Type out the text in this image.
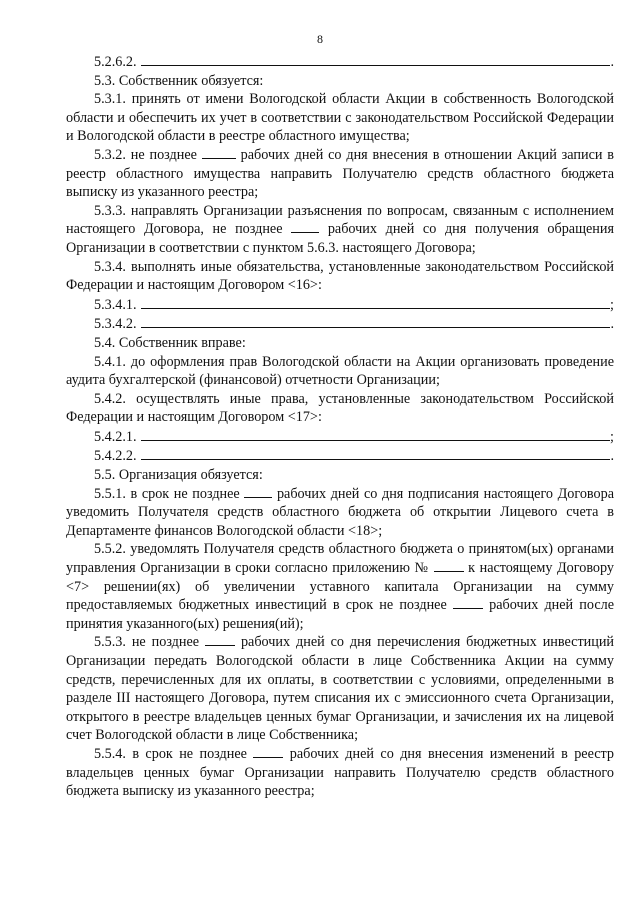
8
5.2.6.2.	.

5.3. Собственник обязуется:

5.3.1. принять от имени Вологодской области Акции в собственность Вологодской области и обеспечить их учет в соответствии с законодательством Российской Федерации и Вологодской области в реестре областного имущества;

5.3.2. не позднее	рабочих дней со дня внесения в отношении Акций записи в реестр областного имущества направить Получателю средств областного бюджета выписку из указанного реестра;

5.3.3. направлять Организации разъяснения по вопросам, связанным с исполнением настоящего Договора, не позднее	рабочих дней со дня получения обращения Организации в соответствии с пунктом 5.6.3. настоящего Договора;

5.3.4. выполнять иные обязательства, установленные законодательством Российской Федерации и настоящим Договором <16>:

5.3.4.1.	;
5.3.4.2.	.

5.4. Собственник вправе:

5.4.1. до оформления прав Вологодской области на Акции организовать проведение аудита бухгалтерской (финансовой) отчетности Организации;

5.4.2. осуществлять иные права, установленные законодательством Российской Федерации и настоящим Договором <17>:

5.4.2.1.	;
5.4.2.2.	.

5.5. Организация обязуется:

5.5.1. в срок не позднее	рабочих дней со дня подписания настоящего Договора уведомить Получателя средств областного бюджета об открытии Лицевого счета в Департаменте финансов Вологодской области <18>;

5.5.2. уведомлять Получателя средств областного бюджета о принятом(ых) органами управления Организации в сроки согласно приложению №	к настоящему Договору <7> решении(ях) об увеличении уставного капитала Организации на сумму предоставляемых бюджетных инвестиций в срок не позднее	рабочих дней после принятия указанного(ых) решения(ий);

5.5.3. не позднее	рабочих дней со дня перечисления бюджетных инвестиций Организации передать Вологодской области в лице Собственника Акции на сумму средств, перечисленных для их оплаты, в соответствии с условиями, определенными в разделе III настоящего Договора, путем списания их с эмиссионного счета Организации, открытого в реестре владельцев ценных бумаг Организации, и зачисления их на лицевой счет Вологодской области в лице Собственника;

5.5.4. в срок не позднее	рабочих дней со дня внесения изменений в реестр владельцев ценных бумаг Организации направить Получателю средств областного бюджета выписку из указанного реестра;
